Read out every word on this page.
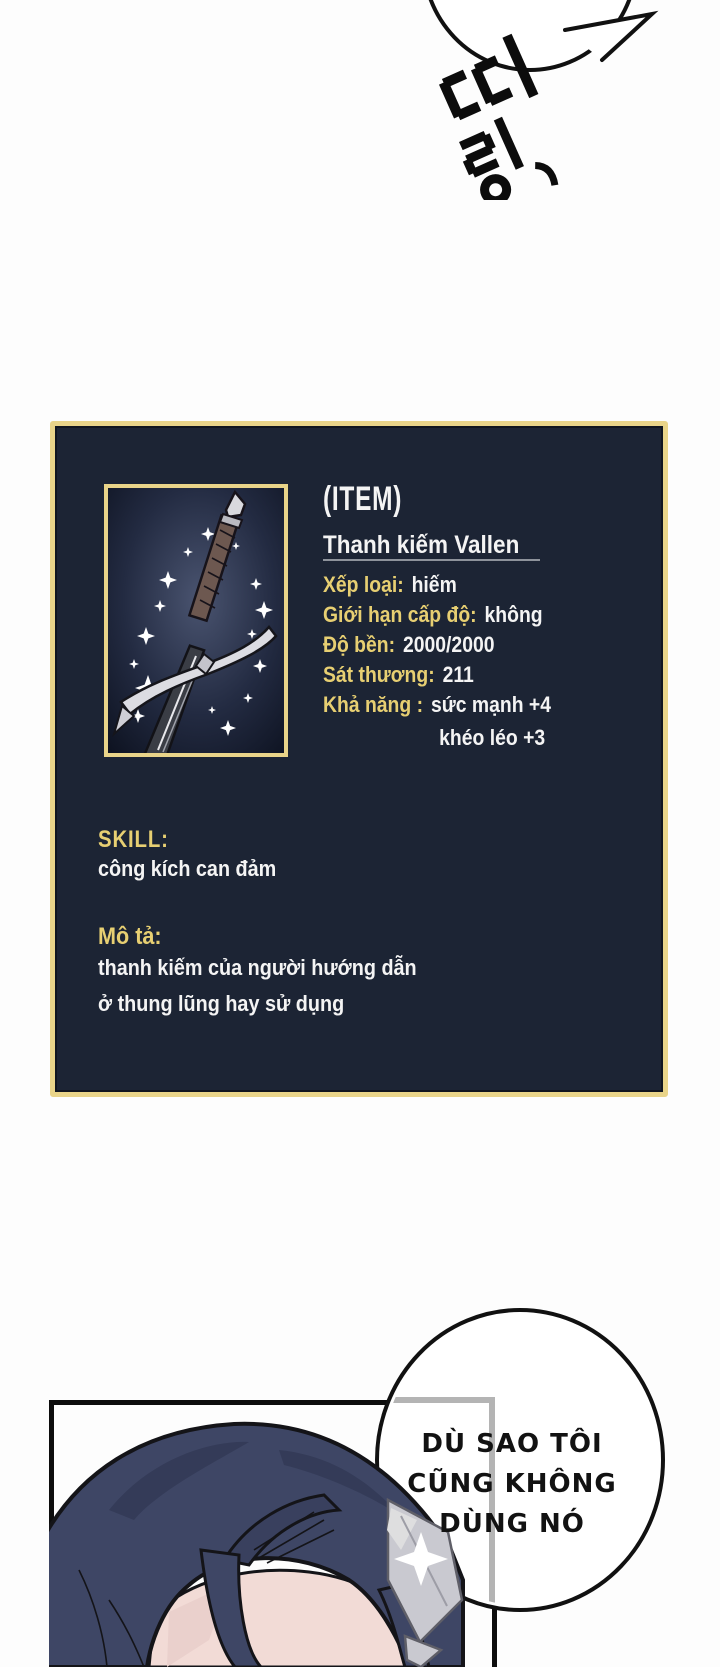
(ITEM)
Thanh kiếm Vallen
Xếp loại: hiếm
Giới hạn cấp độ: không
Độ bền: 2000/2000
Sát thương: 211
Khả năng : sức mạnh +4
khéo léo +3
SKILL:
công kích can đảm
Mô tả:
thanh kiếm của người hướng dẫn
ở thung lũng hay sử dụng
DÙ SAO TÔI
CŨNG KHÔNG
DÙNG NÓ
